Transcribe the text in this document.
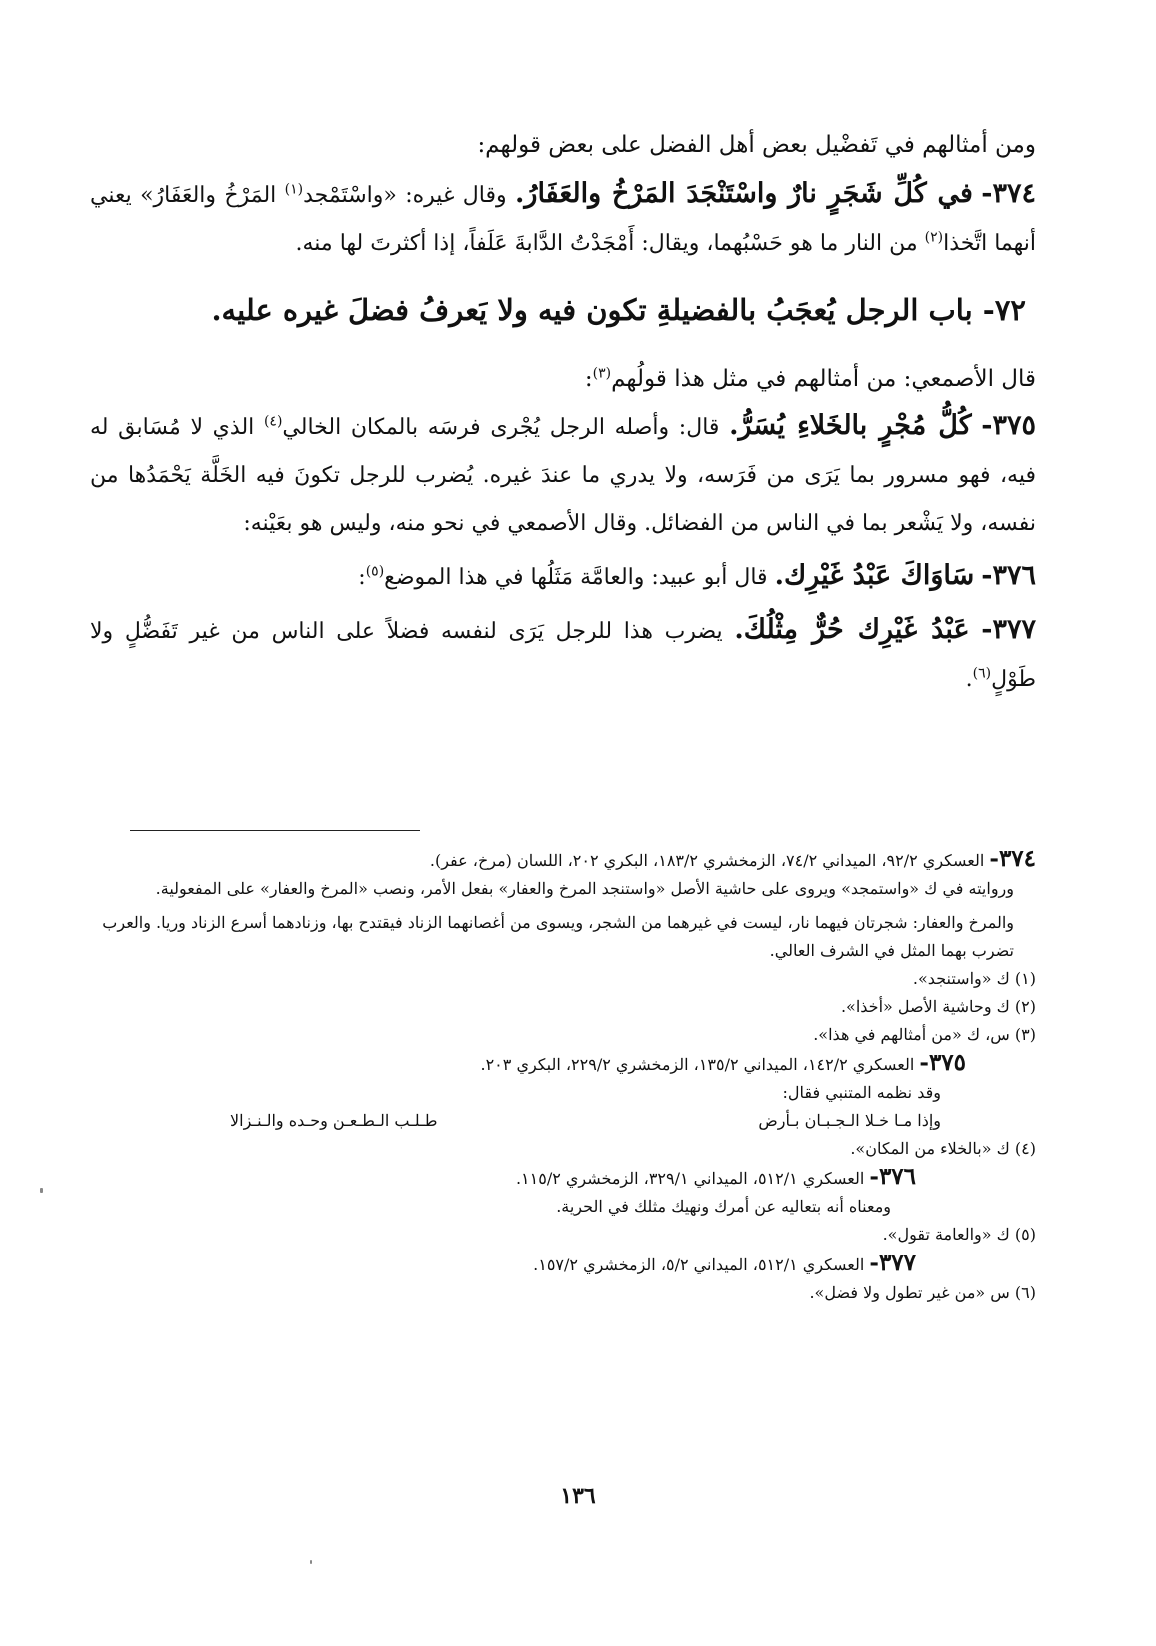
ومن أمثالهم في تَفضْيل بعض أهل الفضل على بعض قولهم:

٣٧٤- في كُلِّ شَجَرٍ نارٌ واسْتَنْجَدَ المَرْخُ والعَفَارُ. وقال غيره: «واسْتَمْجد$^{(١)}$ المَرْخُ والعَفَارُ» يعني أنهما اتَّخذا$^{(٢)}$ من النار ما هو حَسْبُهما، ويقال: أَمْجَدْتُ الدَّابةَ عَلَفاً، إذا أكثرتَ لها منه.

٧٢- باب الرجل يُعجَبُ بالفضيلةِ تكون فيه ولا يَعرفُ فضلَ غيره عليه.

قال الأصمعي: من أمثالهم في مثل هذا قولُهم$^{(٣)}$:

٣٧٥- كُلُّ مُجْرٍ بالخَلاءِ يُسَرُّ. قال: وأصله الرجل يُجْرى فرسَه بالمكان الخالي$^{(٤)}$ الذي لا مُسَابق له فيه، فهو مسرور بما يَرَى من فَرَسه، ولا يدري ما عندَ غيره. يُضرب للرجل تكونَ فيه الخَلَّة يَحْمَدُها من نفسه، ولا يَشْعر بما في الناس من الفضائل. وقال الأصمعي في نحو منه، وليس هو بعَيْنه:

٣٧٦- سَاوَاكَ عَبْدُ غَيْرِك. قال أبو عبيد: والعامَّة مَثَلُها في هذا الموضع$^{(٥)}$:

٣٧٧- عَبْدُ غَيْرِك حُرٌّ مِثْلُكَ. يضرب هذا للرجل يَرَى لنفسه فضلاً على الناس من غير تَفَضُّلٍ ولا طَوْلٍ$^{(٦)}$.

٣٧٤- العسكري ٩٢/٢، الميداني ٧٤/٢، الزمخشري ١٨٣/٢، البكري ٢٠٢، اللسان (مرخ، عفر).

وروايته في ك «واستمجد» ويروى على حاشية الأصل «واستنجد المرخ والعفار» بفعل الأمر، ونصب «المرخ والعفار» على المفعولية.

والمرخ والعفار: شجرتان فيهما نار، ليست في غيرهما من الشجر، ويسوى من أغصانهما الزناد فيقتدح بها، وزنادهما أسرع الزناد وريا. والعرب تضرب بهما المثل في الشرف العالي.

(١) ك «واستنجد».

(٢) ك وحاشية الأصل «أخذا».

(٣) س، ك «من أمثالهم في هذا».

٣٧٥- العسكري ١٤٢/٢، الميداني ١٣٥/٢، الزمخشري ٢٢٩/٢، البكري ٢٠٣.

وقد نظمه المتنبي فقال:

وإذا مـا خـلا الـجـبـان بـأرض
طـلـب الـطـعـن وحـده والـنـزالا

(٤) ك «بالخلاء من المكان».

٣٧٦- العسكري ٥١٢/١، الميداني ٣٢٩/١، الزمخشري ١١٥/٢.

ومعناه أنه بتعاليه عن أمرك ونهيك مثلك في الحرية.

(٥) ك «والعامة تقول».

٣٧٧- العسكري ٥١٢/١، الميداني ٥/٢، الزمخشري ١٥٧/٢.

(٦) س «من غير تطول ولا فضل».

١٣٦
